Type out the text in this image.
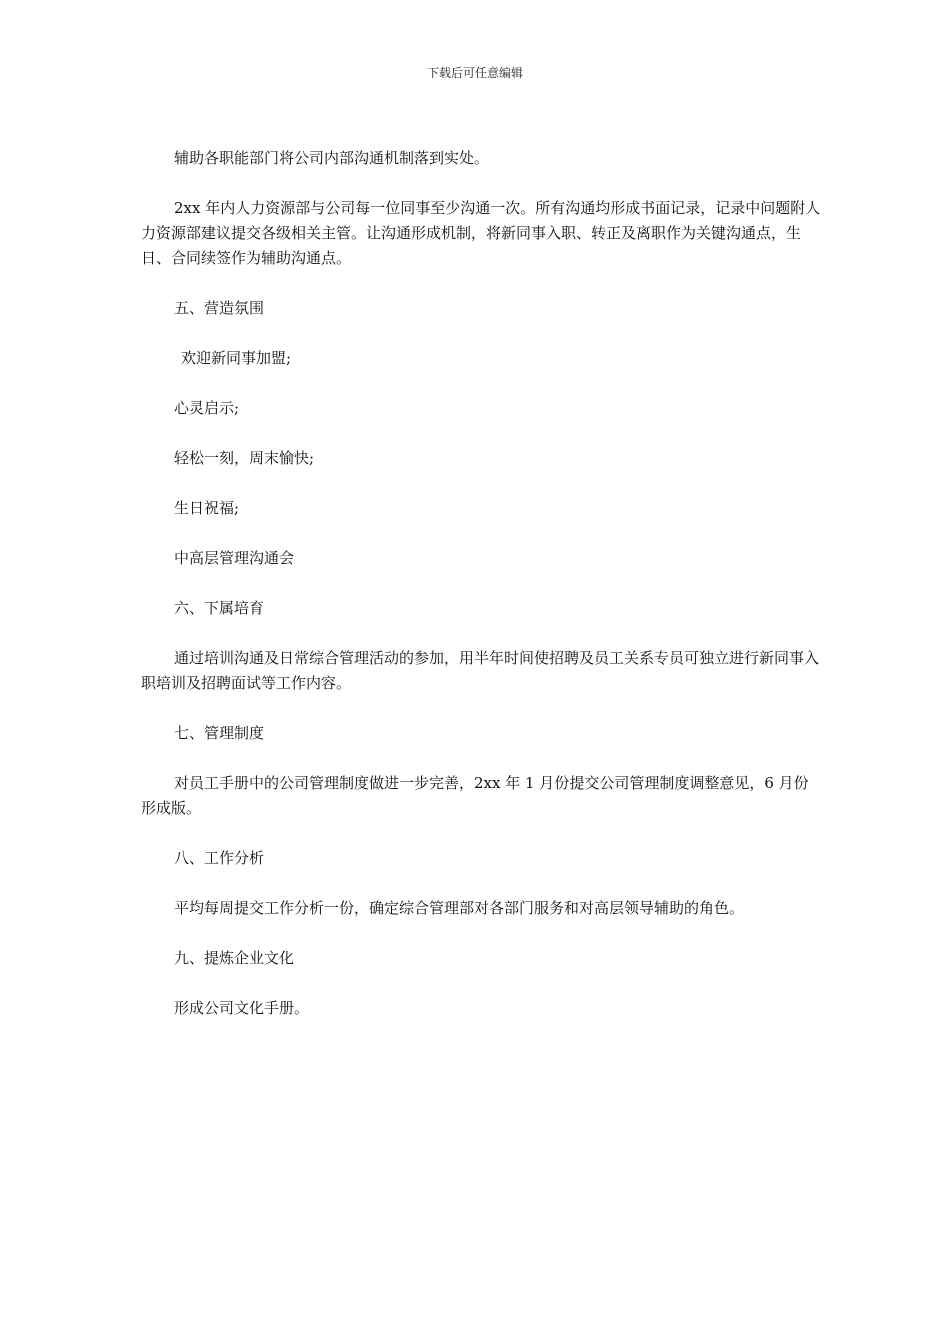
下载后可任意编辑

辅助各职能部门将公司内部沟通机制落到实处。

2xx 年内人力资源部与公司每一位同事至少沟通一次。所有沟通均形成书面记录，记录中问题附人力资源部建议提交各级相关主管。让沟通形成机制，将新同事入职、转正及离职作为关键沟通点，生日、合同续签作为辅助沟通点。

五、营造氛围

欢迎新同事加盟;

心灵启示;

轻松一刻，周末愉快;

生日祝福;

中高层管理沟通会

六、下属培育

通过培训沟通及日常综合管理活动的参加，用半年时间使招聘及员工关系专员可独立进行新同事入职培训及招聘面试等工作内容。

七、管理制度

对员工手册中的公司管理制度做进一步完善，2xx 年 1 月份提交公司管理制度调整意见，6 月份形成版。

八、工作分析

平均每周提交工作分析一份，确定综合管理部对各部门服务和对高层领导辅助的角色。

九、提炼企业文化

形成公司文化手册。
